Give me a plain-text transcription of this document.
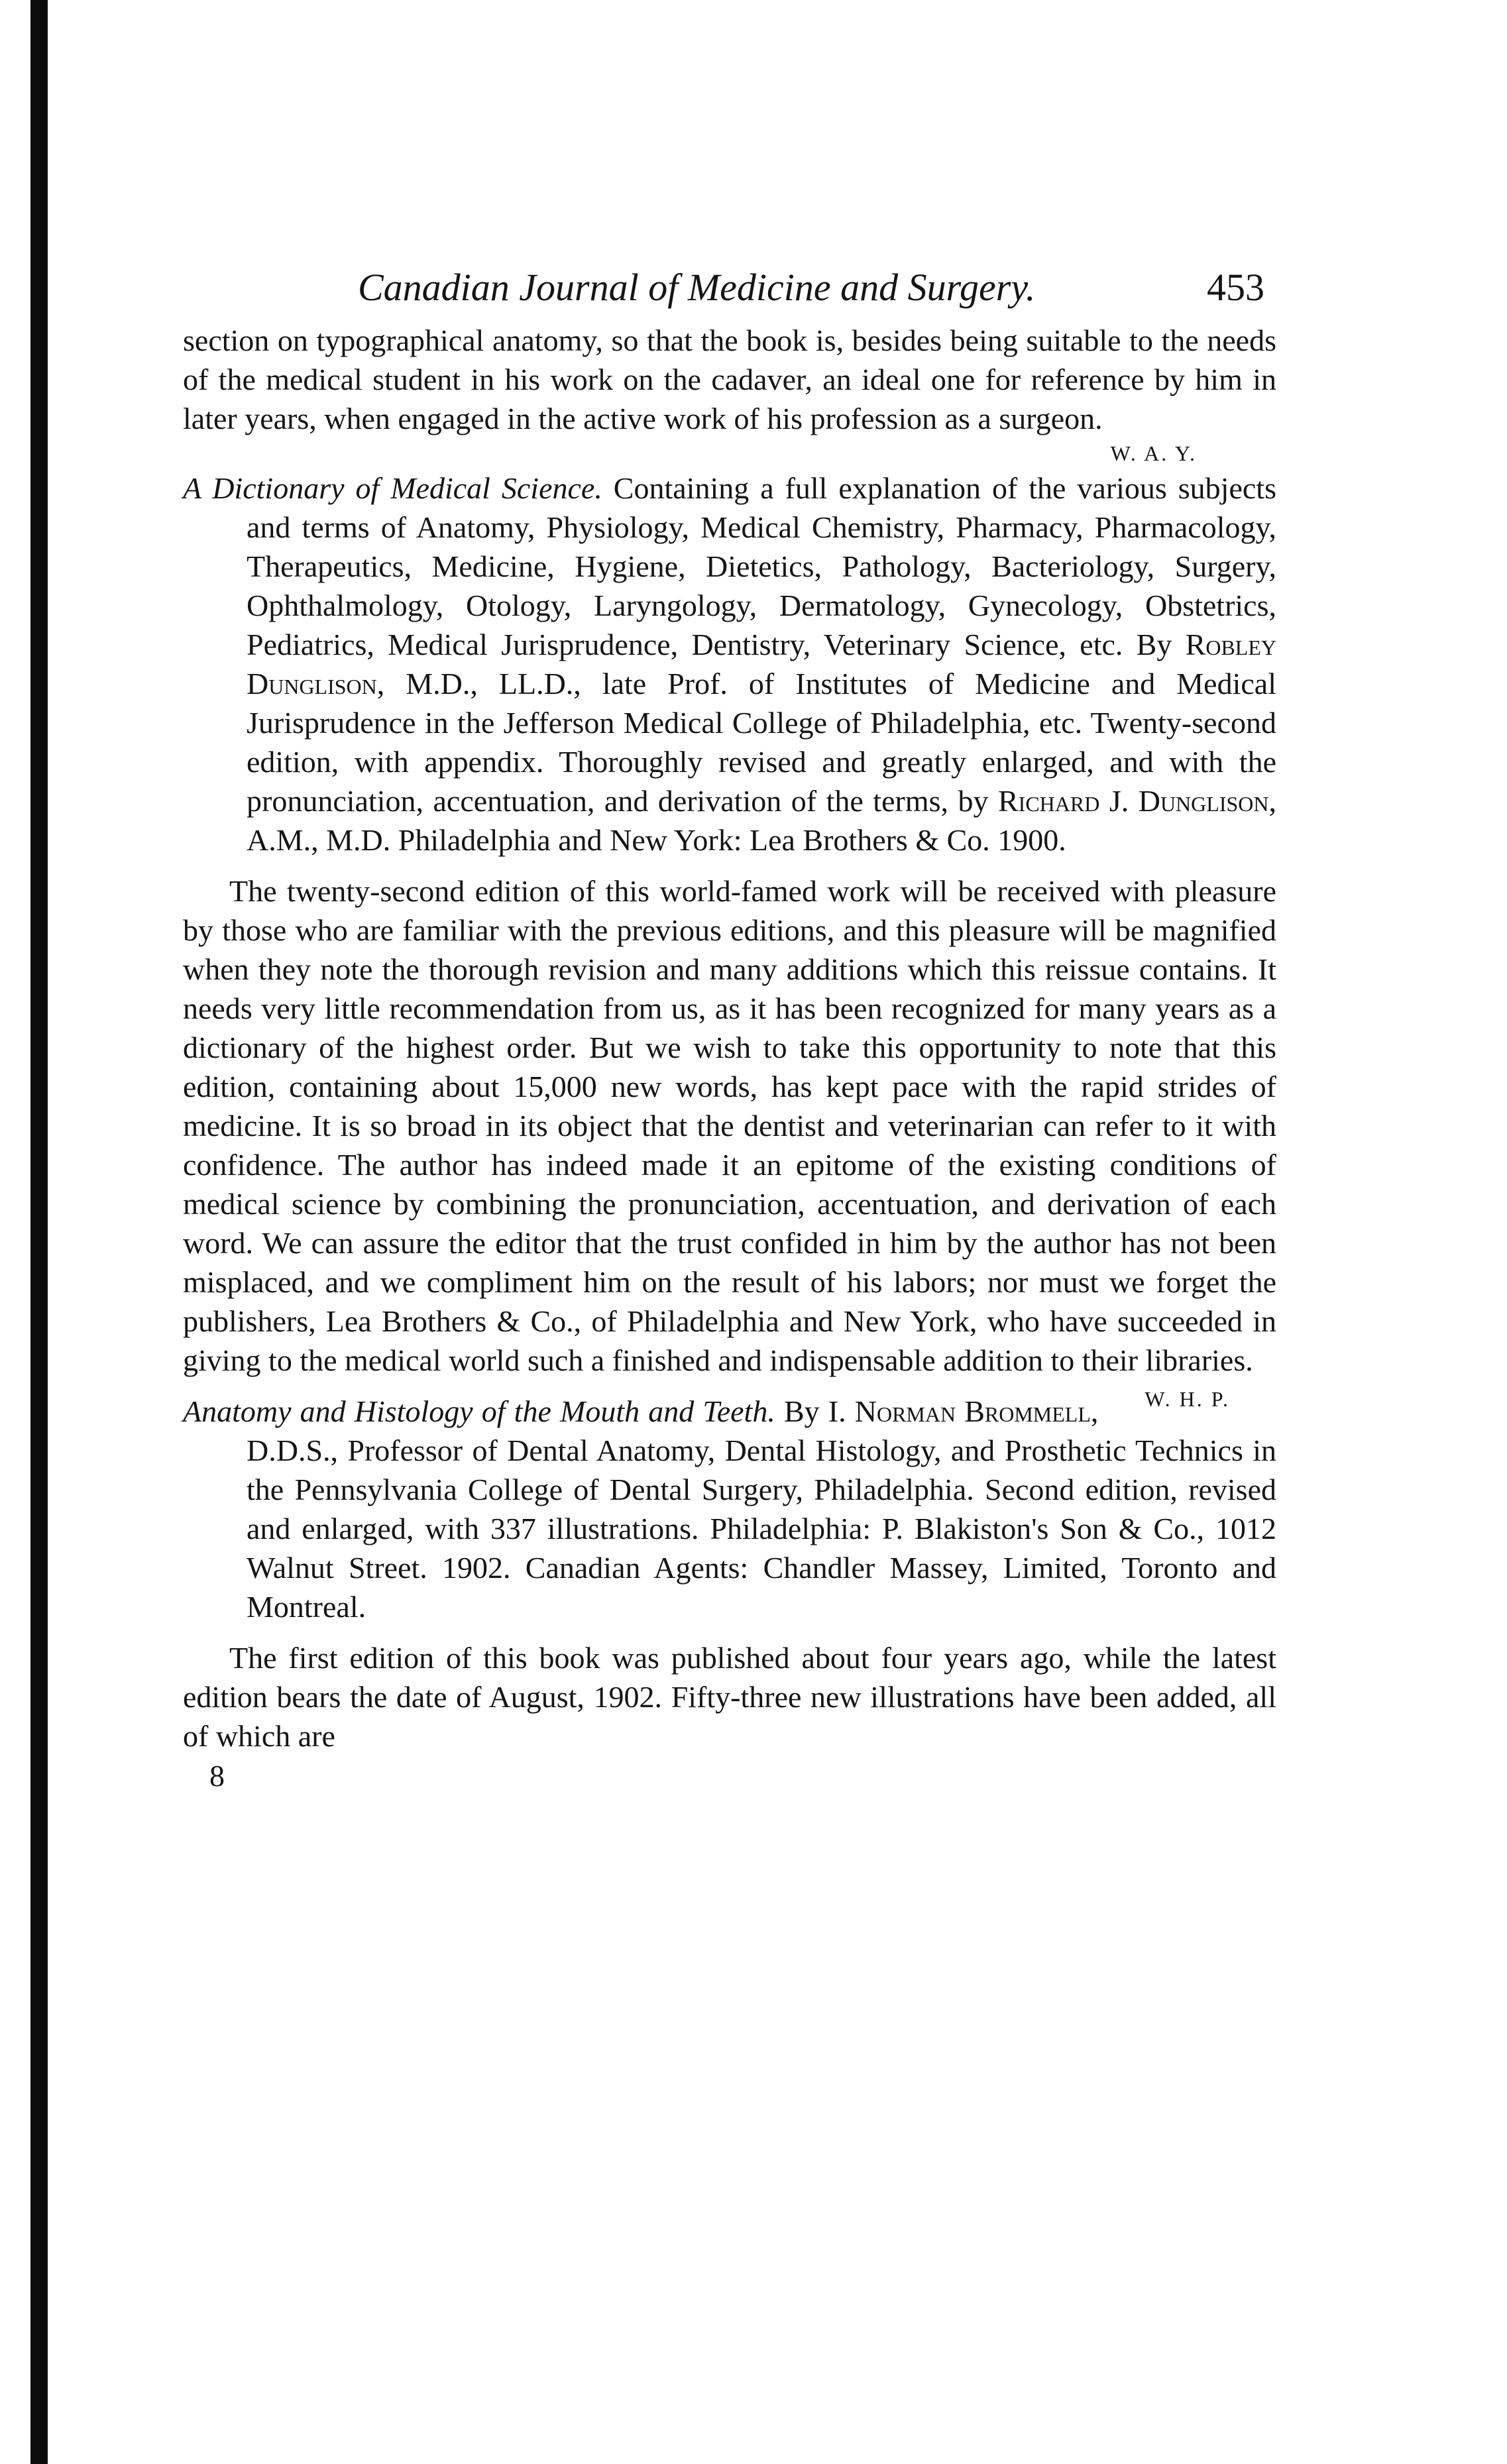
Canadian Journal of Medicine and Surgery.	453

section on typographical anatomy, so that the book is, besides being suitable to the needs of the medical student in his work on the cadaver, an ideal one for reference by him in later years, when engaged in the active work of his profession as a surgeon.

W. A. Y.

A Dictionary of Medical Science. Containing a full explanation of the various subjects and terms of Anatomy, Physiology, Medical Chemistry, Pharmacy, Pharmacology, Therapeutics, Medicine, Hygiene, Dietetics, Pathology, Bacteriology, Surgery, Ophthalmology, Otology, Laryngology, Dermatology, Gynecology, Obstetrics, Pediatrics, Medical Jurisprudence, Dentistry, Veterinary Science, etc. By Robley Dunglison, M.D., LL.D., late Prof. of Institutes of Medicine and Medical Jurisprudence in the Jefferson Medical College of Philadelphia, etc. Twenty-second edition, with appendix. Thoroughly revised and greatly enlarged, and with the pronunciation, accentuation, and derivation of the terms, by Richard J. Dunglison, A.M., M.D. Philadelphia and New York: Lea Brothers & Co. 1900.

The twenty-second edition of this world-famed work will be received with pleasure by those who are familiar with the previous editions, and this pleasure will be magnified when they note the thorough revision and many additions which this reissue contains. It needs very little recommendation from us, as it has been recognized for many years as a dictionary of the highest order. But we wish to take this opportunity to note that this edition, containing about 15,000 new words, has kept pace with the rapid strides of medicine. It is so broad in its object that the dentist and veterinarian can refer to it with confidence. The author has indeed made it an epitome of the existing conditions of medical science by combining the pronunciation, accentuation, and derivation of each word. We can assure the editor that the trust confided in him by the author has not been misplaced, and we compliment him on the result of his labors; nor must we forget the publishers, Lea Brothers & Co., of Philadelphia and New York, who have succeeded in giving to the medical world such a finished and indispensable addition to their libraries.
W. H. P.

Anatomy and Histology of the Mouth and Teeth. By I. Norman Brommell, D.D.S., Professor of Dental Anatomy, Dental Histology, and Prosthetic Technics in the Pennsylvania College of Dental Surgery, Philadelphia. Second edition, revised and enlarged, with 337 illustrations. Philadelphia: P. Blakiston's Son & Co., 1012 Walnut Street. 1902. Canadian Agents: Chandler Massey, Limited, Toronto and Montreal.

The first edition of this book was published about four years ago, while the latest edition bears the date of August, 1902. Fifty-three new illustrations have been added, all of which are

8
